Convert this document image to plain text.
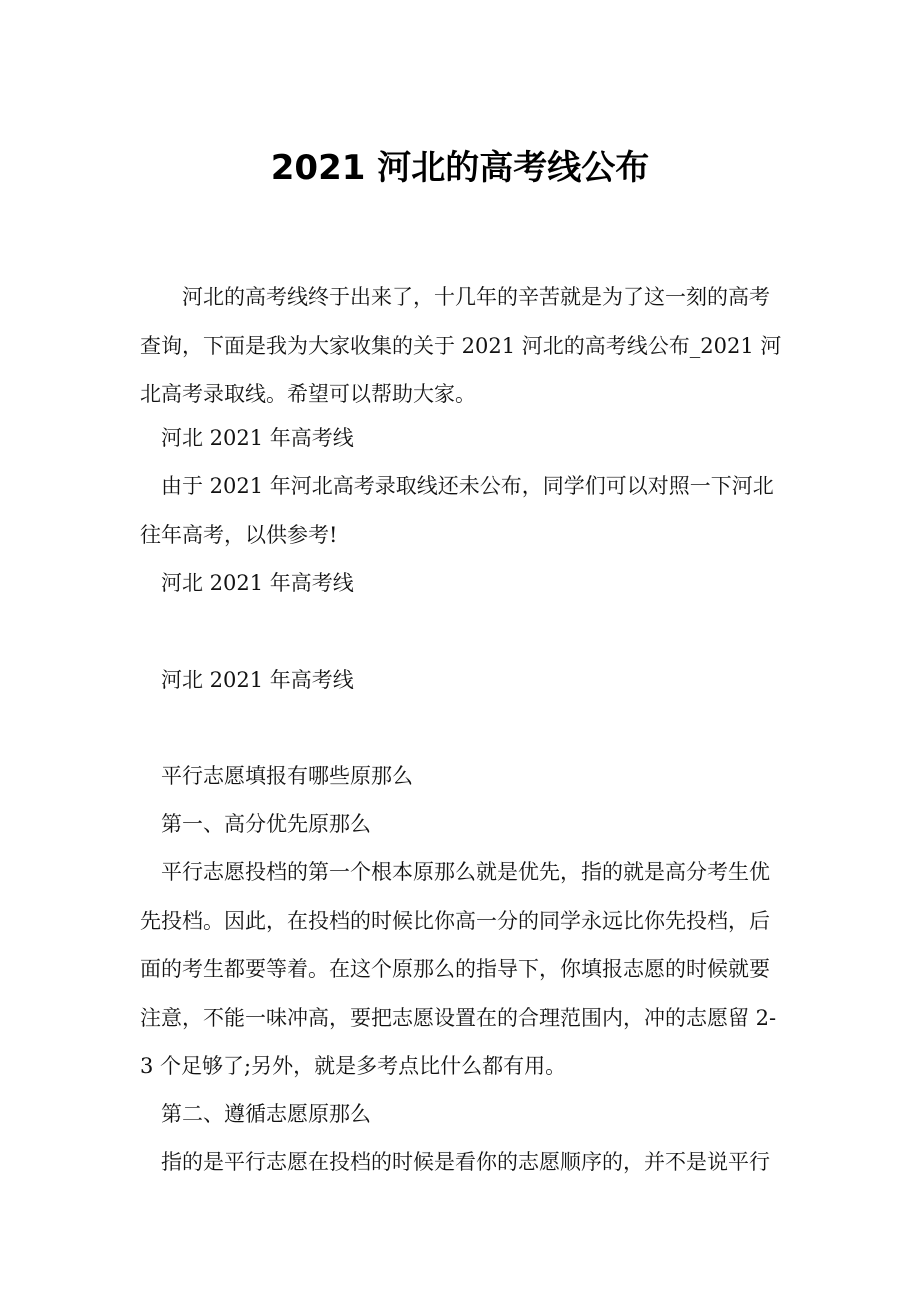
2021 河北的高考线公布

河北的高考线终于出来了，十几年的辛苦就是为了这一刻的高考查询，下面是我为大家收集的关于 2021 河北的高考线公布_2021 河北高考录取线。希望可以帮助大家。

河北 2021 年高考线

由于 2021 年河北高考录取线还未公布，同学们可以对照一下河北往年高考，以供参考!

河北 2021 年高考线

河北 2021 年高考线

平行志愿填报有哪些原那么

第一、高分优先原那么

平行志愿投档的第一个根本原那么就是优先，指的就是高分考生优先投档。因此，在投档的时候比你高一分的同学永远比你先投档，后面的考生都要等着。在这个原那么的指导下，你填报志愿的时候就要注意，不能一味冲高，要把志愿设置在的合理范围内，冲的志愿留 2-3 个足够了;另外，就是多考点比什么都有用。

第二、遵循志愿原那么

指的是平行志愿在投档的时候是看你的志愿顺序的，并不是说平行
